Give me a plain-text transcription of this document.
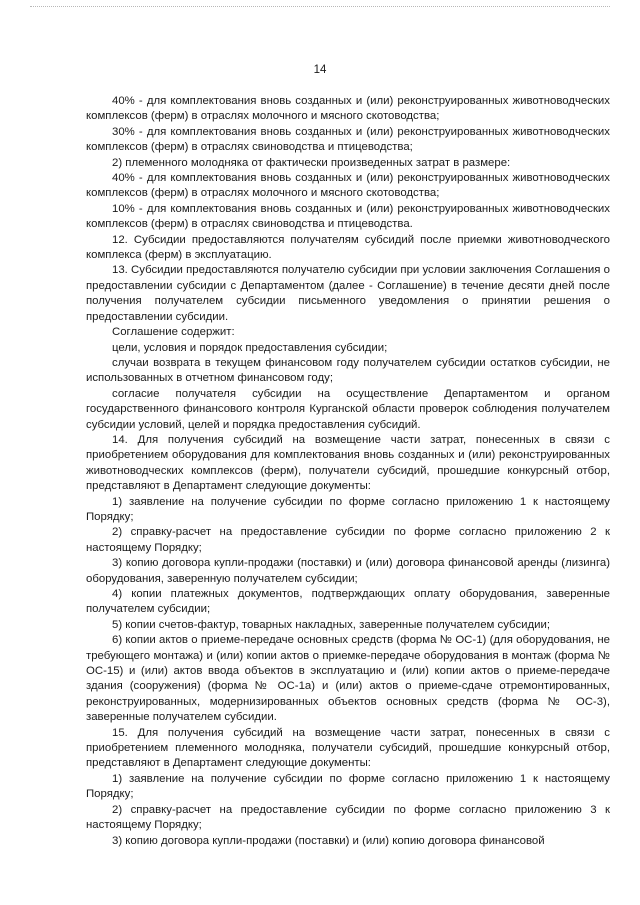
14

40% - для комплектования вновь созданных и (или) реконструированных животноводческих комплексов (ферм) в отраслях молочного и мясного скотоводства;

30% - для комплектования вновь созданных и (или) реконструированных животноводческих комплексов (ферм) в отраслях свиноводства и птицеводства;

2) племенного молодняка от фактически произведенных затрат в размере:

40% - для комплектования вновь созданных и (или) реконструированных животноводческих комплексов (ферм) в отраслях молочного и мясного скотоводства;

10% - для комплектования вновь созданных и (или) реконструированных животноводческих комплексов (ферм) в отраслях свиноводства и птицеводства.

12. Субсидии предоставляются получателям субсидий после приемки животноводческого комплекса (ферм) в эксплуатацию.

13. Субсидии предоставляются получателю субсидии при условии заключения Соглашения о предоставлении субсидии с Департаментом (далее - Соглашение) в течение десяти дней после получения получателем субсидии письменного уведомления о принятии решения о предоставлении субсидии.

Соглашение содержит:

цели, условия и порядок предоставления субсидии;

случаи возврата в текущем финансовом году получателем субсидии остатков субсидии, не использованных в отчетном финансовом году;

согласие получателя субсидии на осуществление Департаментом и органом государственного финансового контроля Курганской области проверок соблюдения получателем субсидии условий, целей и порядка предоставления субсидий.

14. Для получения субсидий на возмещение части затрат, понесенных в связи с приобретением оборудования для комплектования вновь созданных и (или) реконструированных животноводческих комплексов (ферм), получатели субсидий, прошедшие конкурсный отбор, представляют в Департамент следующие документы:

1) заявление на получение субсидии по форме согласно приложению 1 к настоящему Порядку;

2) справку-расчет на предоставление субсидии по форме согласно приложению 2 к настоящему Порядку;

3) копию договора купли-продажи (поставки) и (или) договора финансовой аренды (лизинга) оборудования, заверенную получателем субсидии;

4) копии платежных документов, подтверждающих оплату оборудования, заверенные получателем субсидии;

5) копии счетов-фактур, товарных накладных, заверенные получателем субсидии;

6) копии актов о приеме-передаче основных средств (форма № ОС-1) (для оборудования, не требующего монтажа) и (или) копии актов о приемке-передаче оборудования в монтаж (форма № ОС-15) и (или) актов ввода объектов в эксплуатацию и (или) копии актов о приеме-передаче здания (сооружения) (форма № ОС-1а) и (или) актов о приеме-сдаче отремонтированных, реконструированных, модернизированных объектов основных средств (форма № ОС-3), заверенные получателем субсидии.

15. Для получения субсидий на возмещение части затрат, понесенных в связи с приобретением племенного молодняка, получатели субсидий, прошедшие конкурсный отбор, представляют в Департамент следующие документы:

1) заявление на получение субсидии по форме согласно приложению 1 к настоящему Порядку;

2) справку-расчет на предоставление субсидии по форме согласно приложению 3 к настоящему Порядку;

3) копию договора купли-продажи (поставки) и (или) копию договора финансовой
